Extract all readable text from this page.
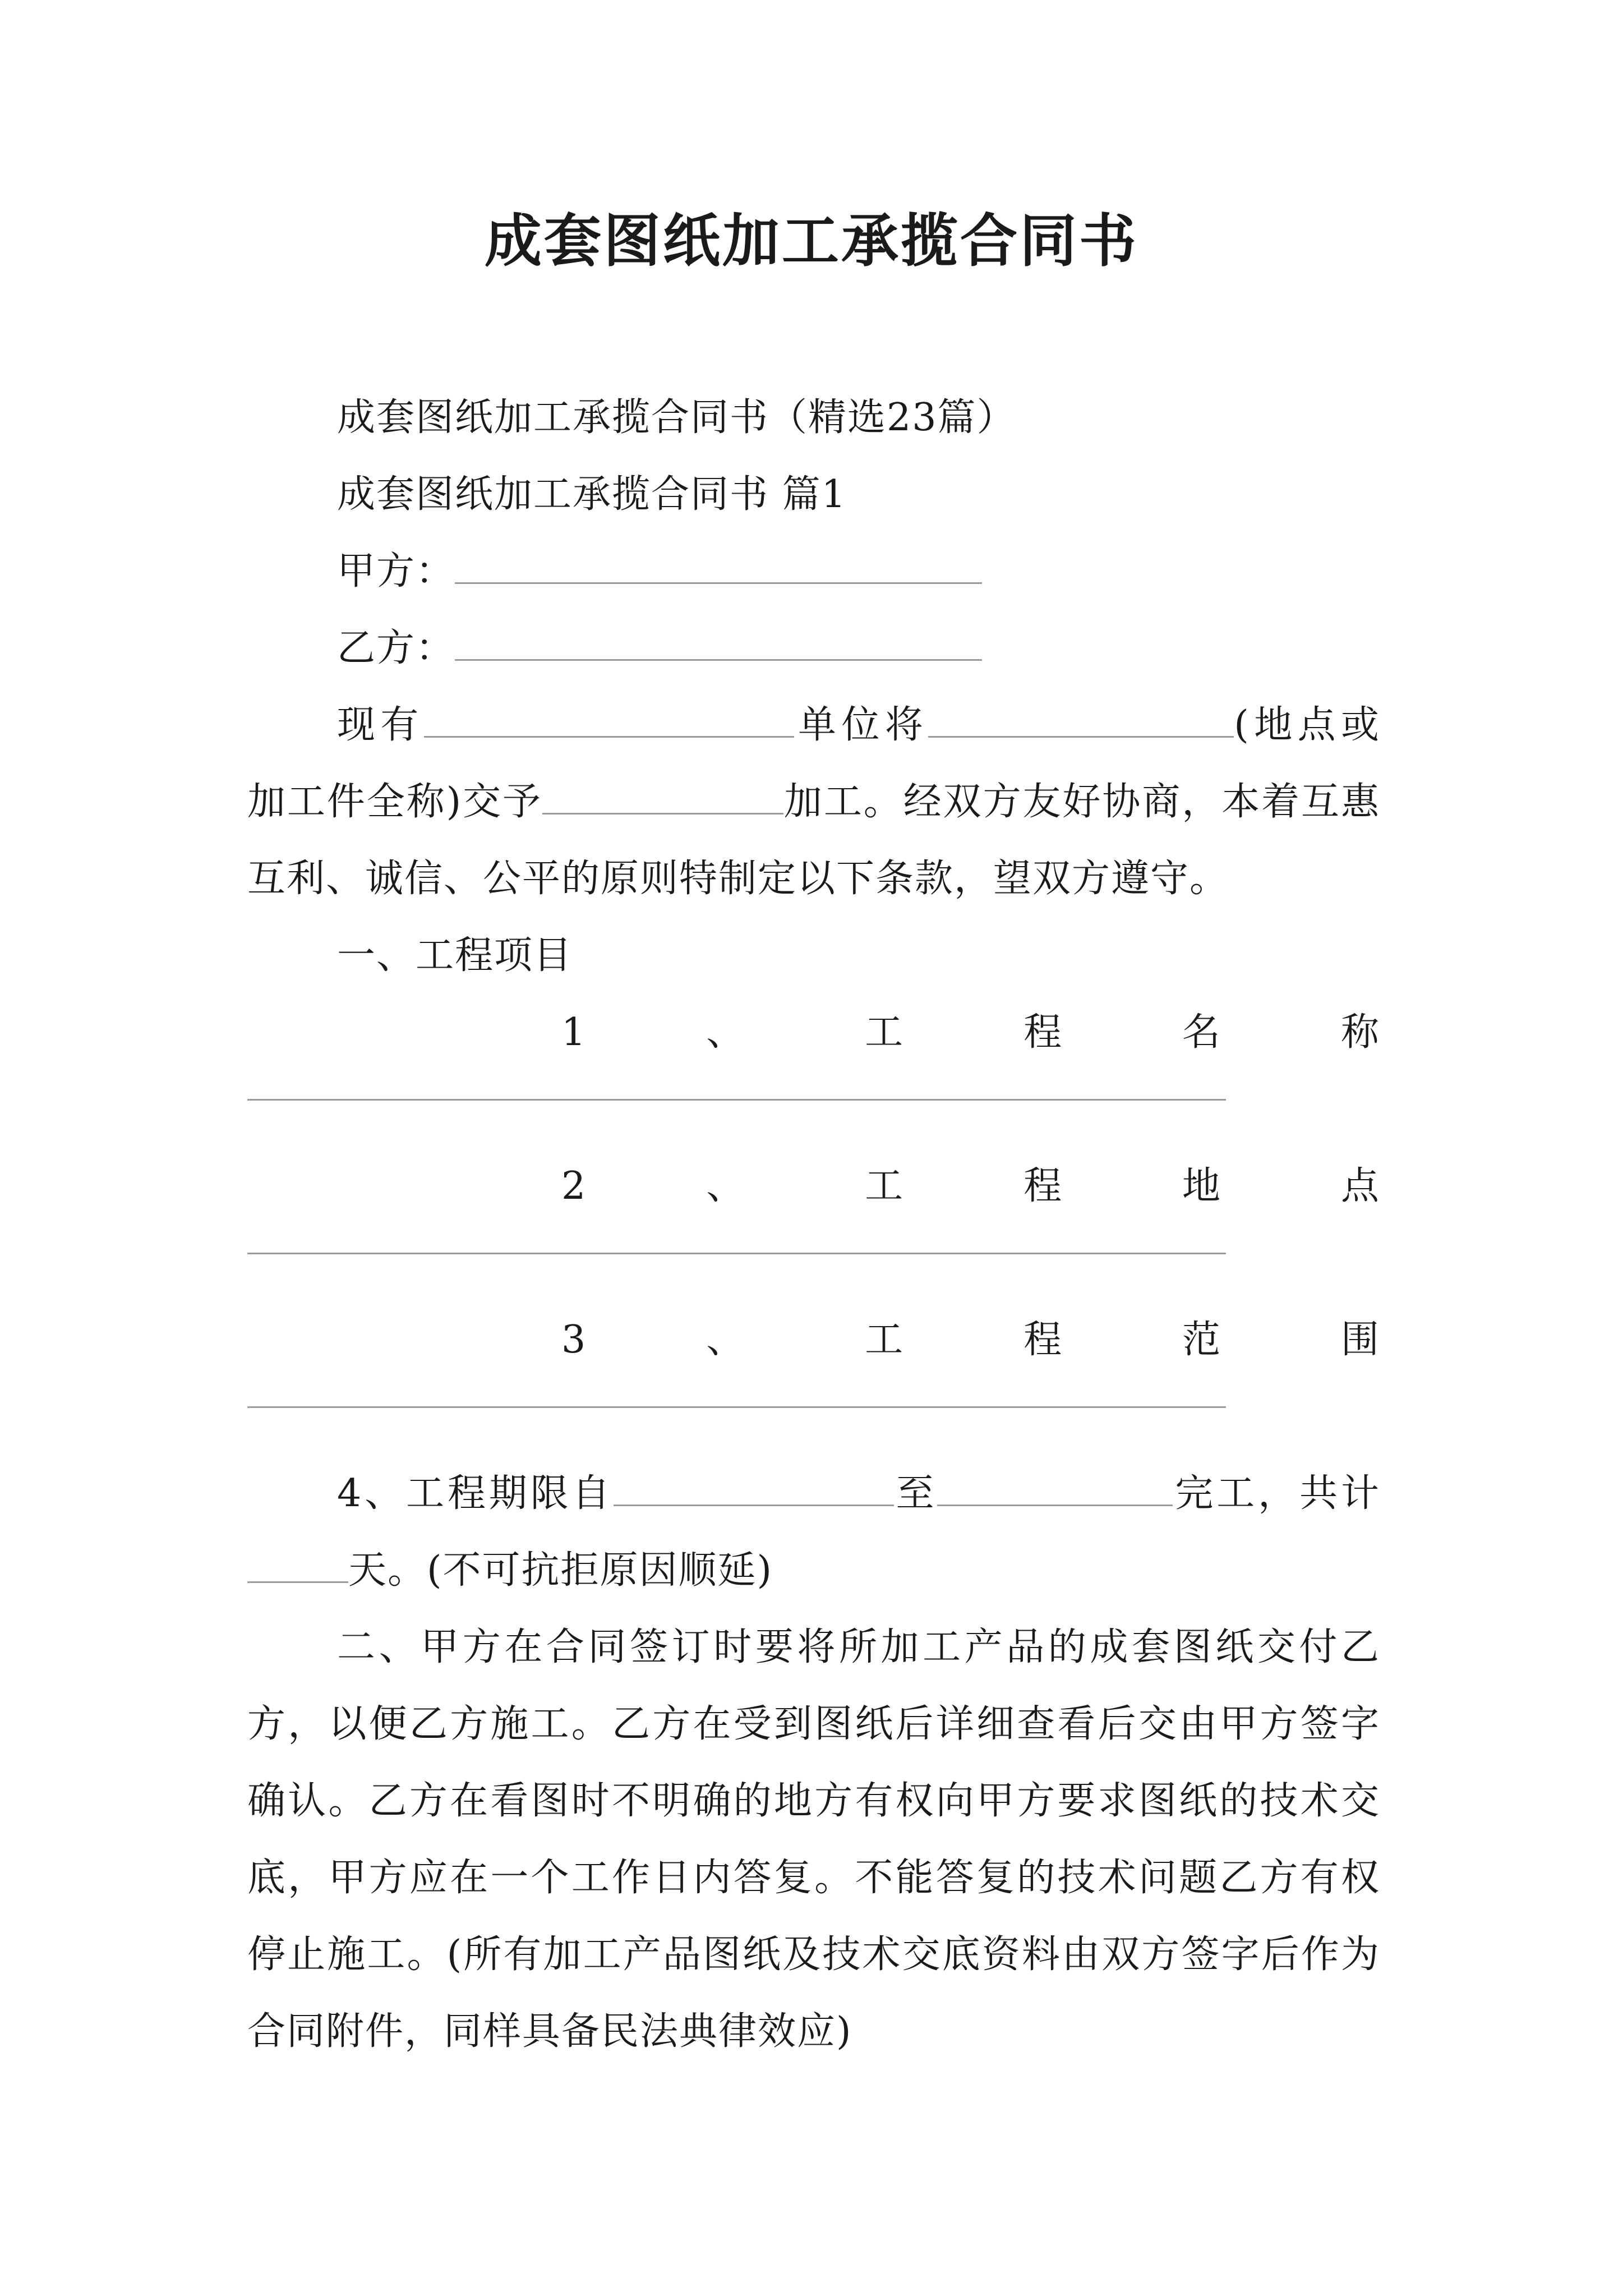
成套图纸加工承揽合同书
成套图纸加工承揽合同书（精选23篇）
成套图纸加工承揽合同书 篇1
甲方：
乙方：
现有	单位将	(地点或加工件全称)交予	加工。经双方友好协商，本着互惠互利、诚信、公平的原则特制定以下条款，望双方遵守。
一、工程项目
1	、	工	程	名	称
2	、	工	程	地	点
3	、	工	程	范	围
4、工程期限自	至	完工，共计天。(不可抗拒原因顺延)
二、甲方在合同签订时要将所加工产品的成套图纸交付乙方，以便乙方施工。乙方在受到图纸后详细查看后交由甲方签字确认。乙方在看图时不明确的地方有权向甲方要求图纸的技术交底，甲方应在一个工作日内答复。不能答复的技术问题乙方有权停止施工。(所有加工产品图纸及技术交底资料由双方签字后作为合同附件，同样具备民法典律效应)
